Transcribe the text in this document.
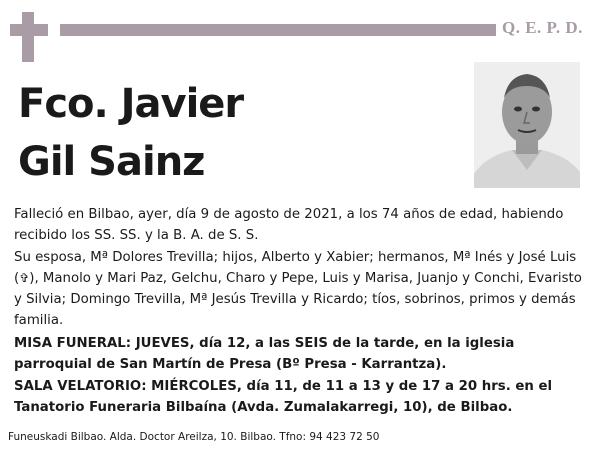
Q. E. P. D.
Fco. Javier
Gil Sainz
Falleció en Bilbao, ayer, día 9 de agosto de 2021, a los 74 años de edad, habiendo recibido los SS. SS. y la B. A. de S. S.
Su esposa, Mª Dolores Trevilla; hijos, Alberto y Xabier; hermanos, Mª Inés y José Luis (✞), Manolo y Mari Paz, Gelchu, Charo y Pepe, Luis y Marisa, Juanjo y Conchi, Evaristo y Silvia; Domingo Trevilla, Mª Jesús Trevilla y Ricardo; tíos, sobrinos, primos y demás familia.
MISA FUNERAL: JUEVES, día 12, a las SEIS de la tarde, en la iglesia parroquial de San Martín de Presa (Bº Presa - Karrantza).
SALA VELATORIO: MIÉRCOLES, día 11, de 11 a 13 y de 17 a 20 hrs. en el Tanatorio Funeraria Bilbaína (Avda. Zumalakarregi, 10), de Bilbao.
Funeuskadi Bilbao. Alda. Doctor Areilza, 10. Bilbao. Tfno: 94 423 72 50
